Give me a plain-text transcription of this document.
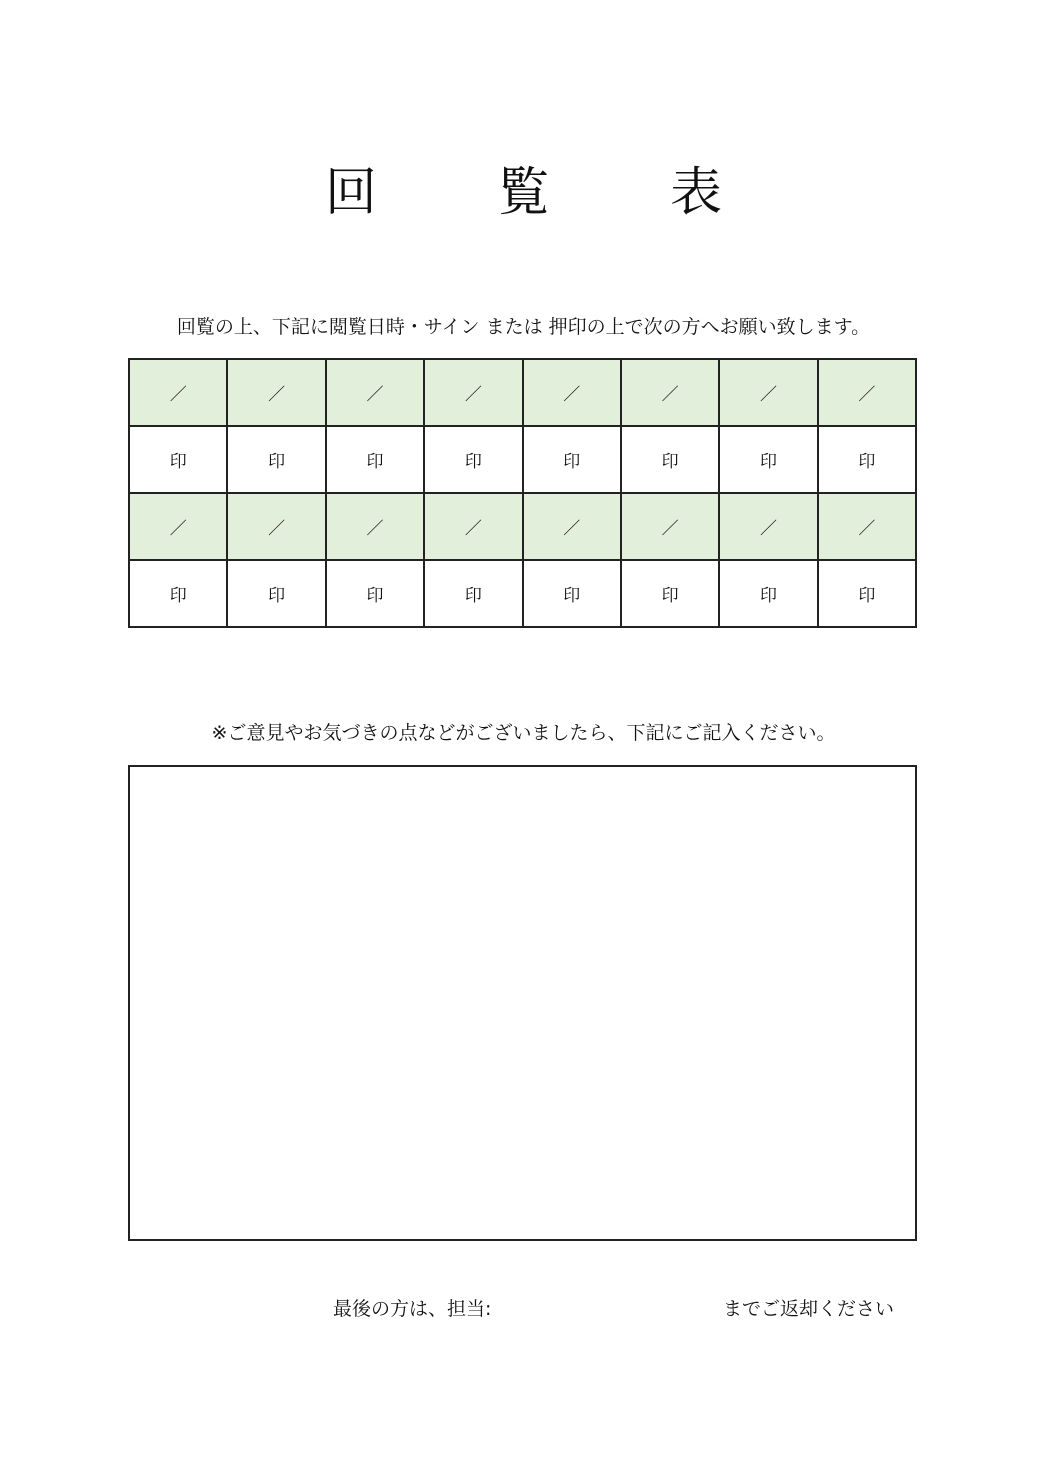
回 覧 表
回覧の上、下記に閲覧日時・サイン または 押印の上で次の方へお願い致します。
／	／	／	／	／	／	／	／
印	印	印	印	印	印	印	印
／	／	／	／	／	／	／	／
印	印	印	印	印	印	印	印
※ご意見やお気づきの点などがございましたら、下記にご記入ください。
最後の方は、担当:	までご返却ください
